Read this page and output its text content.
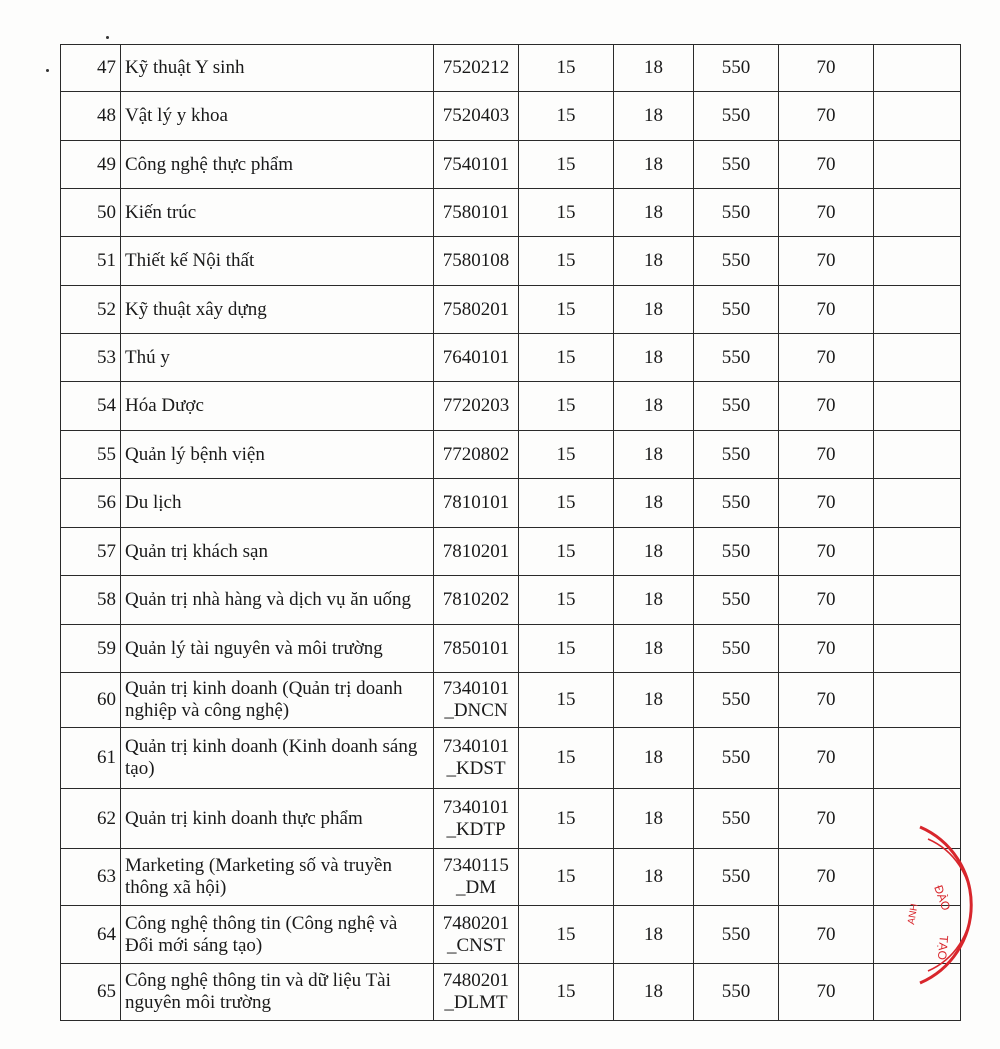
47	Kỹ thuật Y sinh	7520212	15	18	550	70	
48	Vật lý y khoa	7520403	15	18	550	70	
49	Công nghệ thực phẩm	7540101	15	18	550	70	
50	Kiến trúc	7580101	15	18	550	70	
51	Thiết kế Nội thất	7580108	15	18	550	70	
52	Kỹ thuật xây dựng	7580201	15	18	550	70	
53	Thú y	7640101	15	18	550	70	
54	Hóa Dược	7720203	15	18	550	70	
55	Quản lý bệnh viện	7720802	15	18	550	70	
56	Du lịch	7810101	15	18	550	70	
57	Quản trị khách sạn	7810201	15	18	550	70	
58	Quản trị nhà hàng và dịch vụ ăn uống	7810202	15	18	550	70	
59	Quản lý tài nguyên và môi trường	7850101	15	18	550	70	
60	Quản trị kinh doanh (Quản trị doanh nghiệp và công nghệ)	7340101 _DNCN	15	18	550	70	
61	Quản trị kinh doanh (Kinh doanh sáng tạo)	7340101 _KDST	15	18	550	70	
62	Quản trị kinh doanh thực phẩm	7340101 _KDTP	15	18	550	70	
63	Marketing (Marketing số và truyền thông xã hội)	7340115 _DM	15	18	550	70	
64	Công nghệ thông tin (Công nghệ và Đổi mới sáng tạo)	7480201 _CNST	15	18	550	70	
65	Công nghệ thông tin và dữ liệu Tài nguyên môi trường	7480201 _DLMT	15	18	550	70	
ĐÀO
TẠO
ANH
